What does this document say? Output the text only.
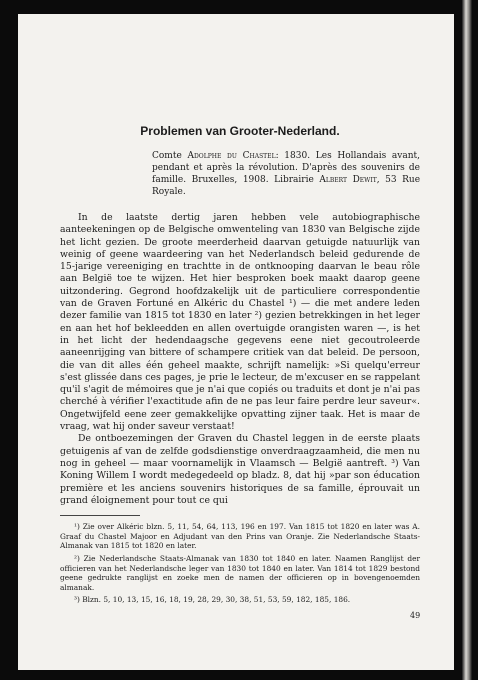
Problemen van Grooter-Nederland.
Comte Adolphe du Chastel: 1830. Les Hollandais avant, pendant et après la révolution. D'après des souvenirs de famille. Bruxelles, 1908. Librairie Albert Dewit, 53 Rue Royale.

In de laatste dertig jaren hebben vele autobiographische aanteekeningen op de Belgische omwenteling van 1830 van Belgische zijde het licht gezien. De groote meerderheid daarvan getuigde natuurlijk van weinig of geene waardeering van het Nederlandsch beleid gedurende de 15-jarige vereeniging en trachtte in de ontknooping daarvan le beau rôle aan België toe te wijzen. Het hier besproken boek maakt daarop geene uitzondering. Gegrond hoofdzakelijk uit de particuliere correspondentie van de Graven Fortuné en Alkéric du Chastel ¹) — die met andere leden dezer familie van 1815 tot 1830 en later ²) gezien betrekkingen in het leger en aan het hof bekleedden en allen overtuigde orangisten waren —, is het in het licht der hedendaagsche gegevens eene niet gecoutroleerde aaneenrijging van bittere of schampere critiek van dat beleid. De persoon, die van dit alles één geheel maakte, schrijft namelijk: »Si quelqu'erreur s'est glissée dans ces pages, je prie le lecteur, de m'excuser en se rappelant qu'il s'agit de mémoires que je n'ai que copiés ou traduits et dont je n'ai pas cherché à vérifier l'exactitude afin de ne pas leur faire perdre leur saveur«. Ongetwijfeld eene zeer gemakkelijke opvatting zijner taak. Het is maar de vraag, wat hij onder saveur verstaat!

De ontboezemingen der Graven du Chastel leggen in de eerste plaats getuigenis af van de zelfde godsdienstige onverdraagzaamheid, die men nu nog in geheel — maar voornamelijk in Vlaamsch — België aantreft. ³) Van Koning Willem I wordt medegedeeld op bladz. 8, dat hij »par son éducation première et les anciens souvenirs historiques de sa famille, éprouvait un grand éloignement pour tout ce qui

¹) Zie over Alkéric blzn. 5, 11, 54, 64, 113, 196 en 197. Van 1815 tot 1820 en later was A. Graaf du Chastel Majoor en Adjudant van den Prins van Oranje. Zie Nederlandsche Staats-Almanak van 1815 tot 1820 en later.

²) Zie Nederlandsche Staats-Almanak van 1830 tot 1840 en later. Naamen Ranglijst der officieren van het Nederlandsche leger van 1830 tot 1840 en later. Van 1814 tot 1829 bestond geene gedrukte ranglijst en zoeke men de namen der officieren op in bovengenoemden almanak.

³) Blzn. 5, 10, 13, 15, 16, 18, 19, 28, 29, 30, 38, 51, 53, 59, 182, 185, 186.

49
